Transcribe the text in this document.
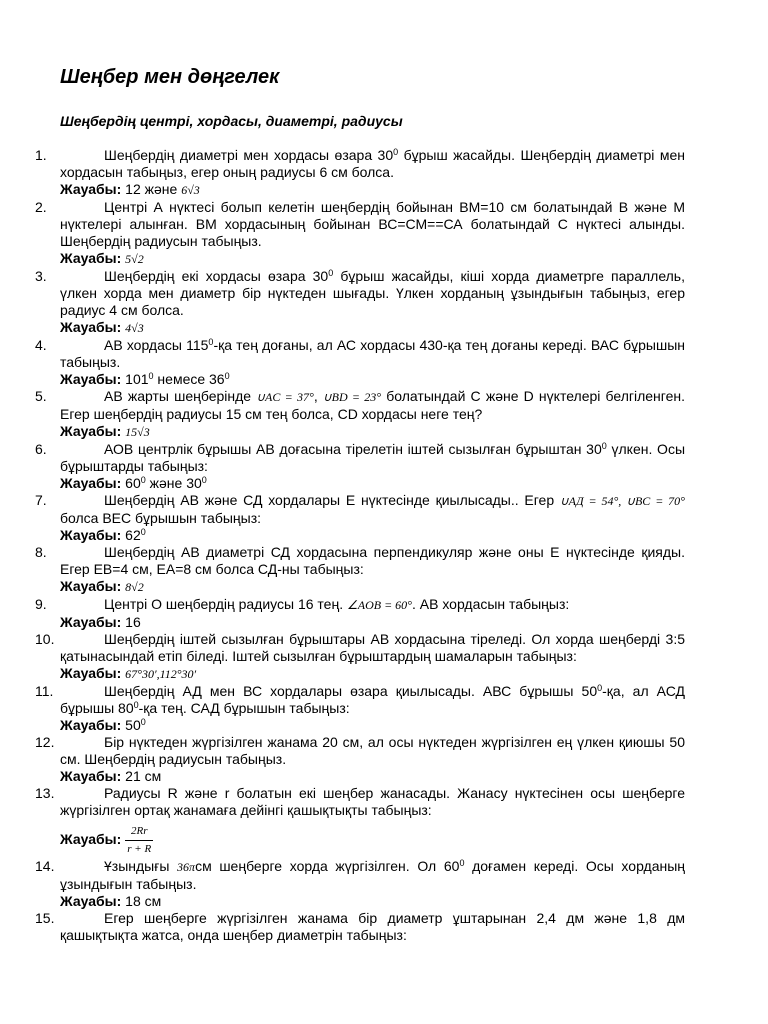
Шеңбер мен дөңгелек
Шеңбердің центрі, хордасы, диаметрі, радиусы
1.	Шеңбердің диаметрі мен хордасы өзара $30^0$ бұрыш жасайды. Шеңбердің диаметрі мен хордасын табыңыз, егер оның радиусы 6 см болса.
Жауабы: 12 және 6√3
2.	Центрі А нүктесі болып келетін шеңбердің бойынан ВМ=10 см болатындай В және М нүктелері алынған. ВМ хордасының бойынан ВС=СМ==СА болатындай С нүктесі алынды. Шеңбердің радиусын табыңыз.
Жауабы: 5√2
3.	Шеңбердің екі хордасы өзара $30^0$ бұрыш жасайды, кіші хорда диаметрге параллель, үлкен хорда мен диаметр бір нүктеден шығады. Үлкен хорданың ұзындығын табыңыз, егер радиус 4 см болса.
Жауабы: 4√3
4.	АВ хордасы $115^0-қа$ тең доғаны, ал АС хордасы 430-қа тең доғаны кереді. ВАС бұрышын табыңыз.
Жауабы: $101^0$ немесе $36^0$
5.	АВ жарты шеңберінде ∪AC = 37°, ∪BD = 23° болатындай С және D нүктелері белгіленген. Егер шеңбердің радиусы 15 см тең болса, CD хордасы неге тең?
Жауабы: 15√3
6.	АОВ центрлік бұрышы АВ доғасына тірелетін іштей сызылған бұрыштан $30^0$ үлкен. Осы бұрыштарды табыңыз:
Жауабы: $60^0$ және $30^0$
7.	Шеңбердің АВ және СД хордалары Е нүктесінде қиылысады.. Егер ∪AД = 54°, ∪BC = 70° болса ВЕС бұрышын табыңыз:
Жауабы: $62^0$
8.	Шеңбердің АВ диаметрі СД хордасына перпендикуляр және оны Е нүктесінде қияды. Егер ЕВ=4 см, ЕА=8 см болса СД-ны табыңыз:
Жауабы: 8√2
9.	Центрі О шеңбердің радиусы 16 тең. ∠AOB = 60°. АВ хордасын табыңыз:
Жауабы: 16
10.	Шеңбердің іштей сызылған бұрыштары АВ хордасына тіреледі. Ол хорда шеңберді 3:5 қатынасындай етіп біледі. Іштей сызылған бұрыштардың шамаларын табыңыз:
Жауабы: 67°30′,112°30′
11.	Шеңбердің АД мен ВС хордалары өзара қиылысады. АВС бұрышы $50^0-қа$, ал АСД бұрышы $80^0-қа$ тең. САД бұрышын табыңыз:
Жауабы: $50^0$
12.	Бір нүктеден жүргізілген жанама 20 см, ал осы нүктеден жүргізілген ең үлкен қиюшы 50 см. Шеңбердің радиусын табыңыз.
Жауабы: 21 см
13.	Радиусы R және r болатын екі шеңбер жанасады. Жанасу нүктесінен осы шеңберге жүргізілген ортақ жанамаға дейінгі қашықтықты табыңыз:
Жауабы: $\frac{2Rr}{r + R}$
14.	Ұзындығы 36πсм шеңберге хорда жүргізілген. Ол $60^0$ доғамен кереді. Осы хорданың ұзындығын табыңыз.
Жауабы: 18 см
15.	Егер шеңберге жүргізілген жанама бір диаметр ұштарынан 2,4 дм және 1,8 дм қашықтықта жатса, онда шеңбер диаметрін табыңыз:
